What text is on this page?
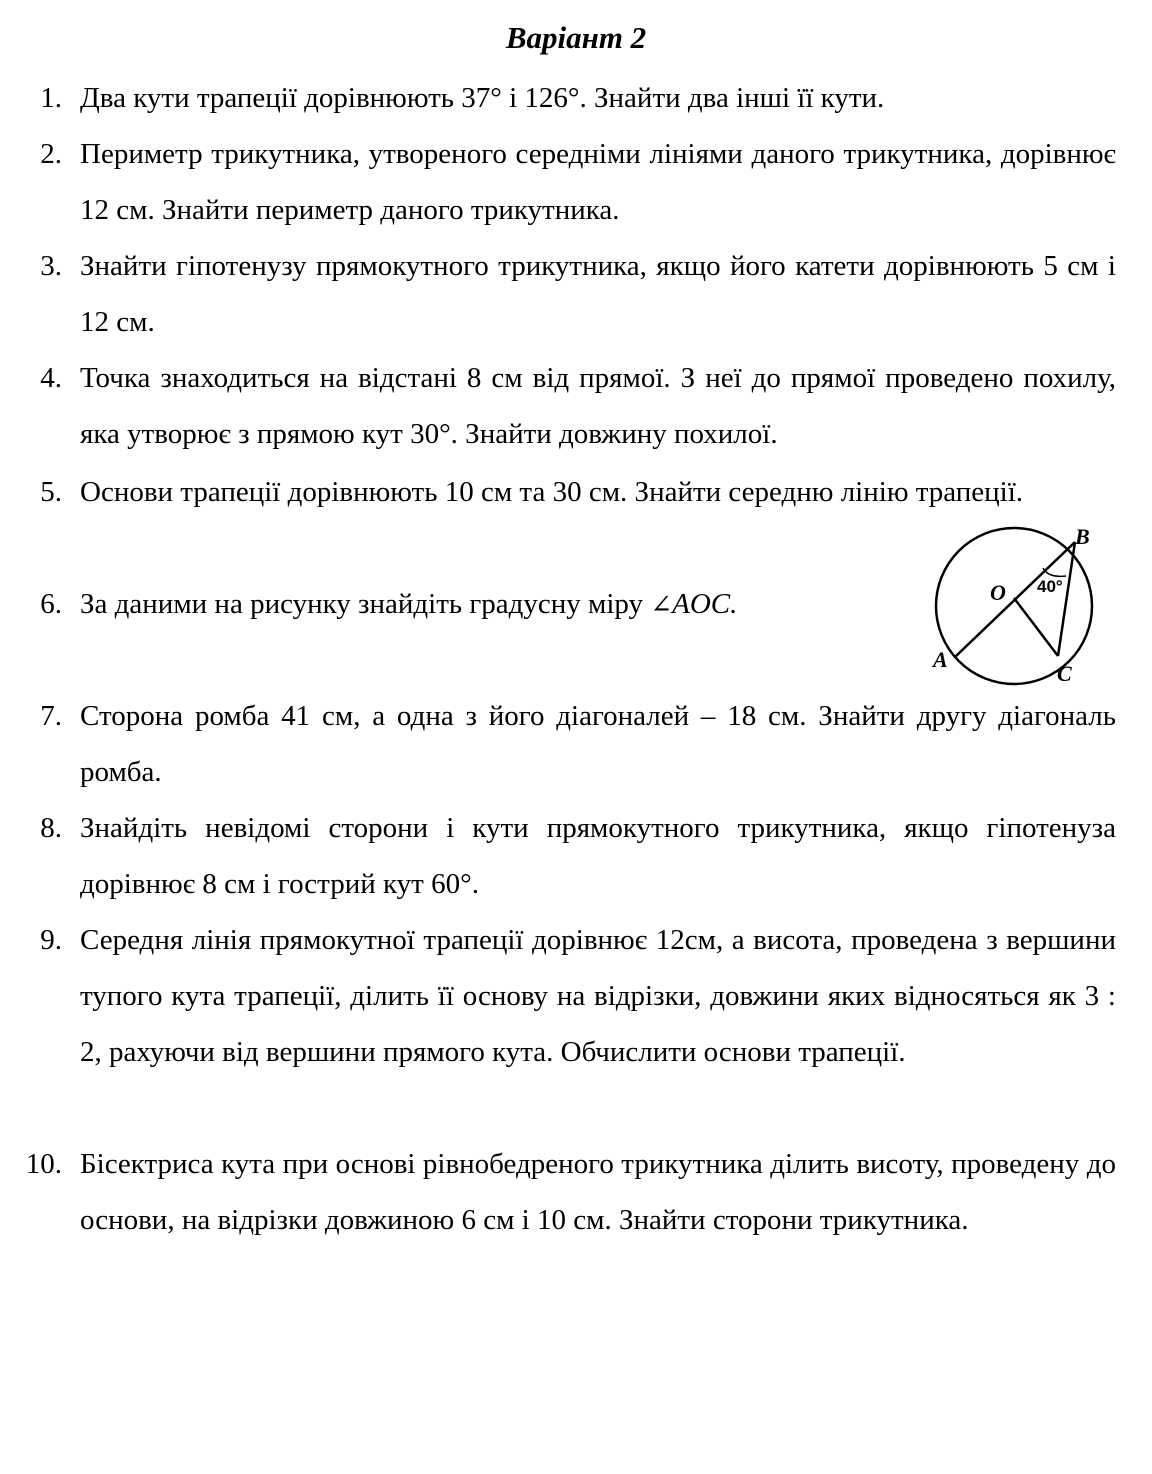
Варіант 2
1. Два кути трапеції дорівнюють 37° і 126°. Знайти два інші її кути.
2. Периметр трикутника, утвореного середніми лініями даного трикутника, дорівнює 12 см. Знайти периметр даного трикутника.
3. Знайти гіпотенузу прямокутного трикутника, якщо його катети дорівнюють 5 см і 12 см.
4. Точка знаходиться на відстані 8 см від прямої. З неї до прямої проведено похилу, яка утворює з прямою кут 30°. Знайти довжину похилої.
5. Основи трапеції дорівнюють 10 см та 30 см. Знайти середню лінію трапеції.
6. За даними на рисунку знайдіть градусну міру ∠AOC.	O 40°
B
A
C
7. Сторона ромба 41 см, а одна з його діагоналей – 18 см. Знайти другу діагональ ромба.
8. Знайдіть невідомі сторони і кути прямокутного трикутника, якщо гіпотенуза дорівнює 8 см і гострий кут 60°.
9. Середня лінія прямокутної трапеції дорівнює 12см, а висота, проведена з вершини тупого кута трапеції, ділить її основу на відрізки, довжини яких відносяться як 3 : 2, рахуючи від вершини прямого кута. Обчислити основи трапеції.
10. Бісектриса кута при основі рівнобедреного трикутника ділить висоту, проведену до основи, на відрізки довжиною 6 см і 10 см. Знайти сторони трикутника.
